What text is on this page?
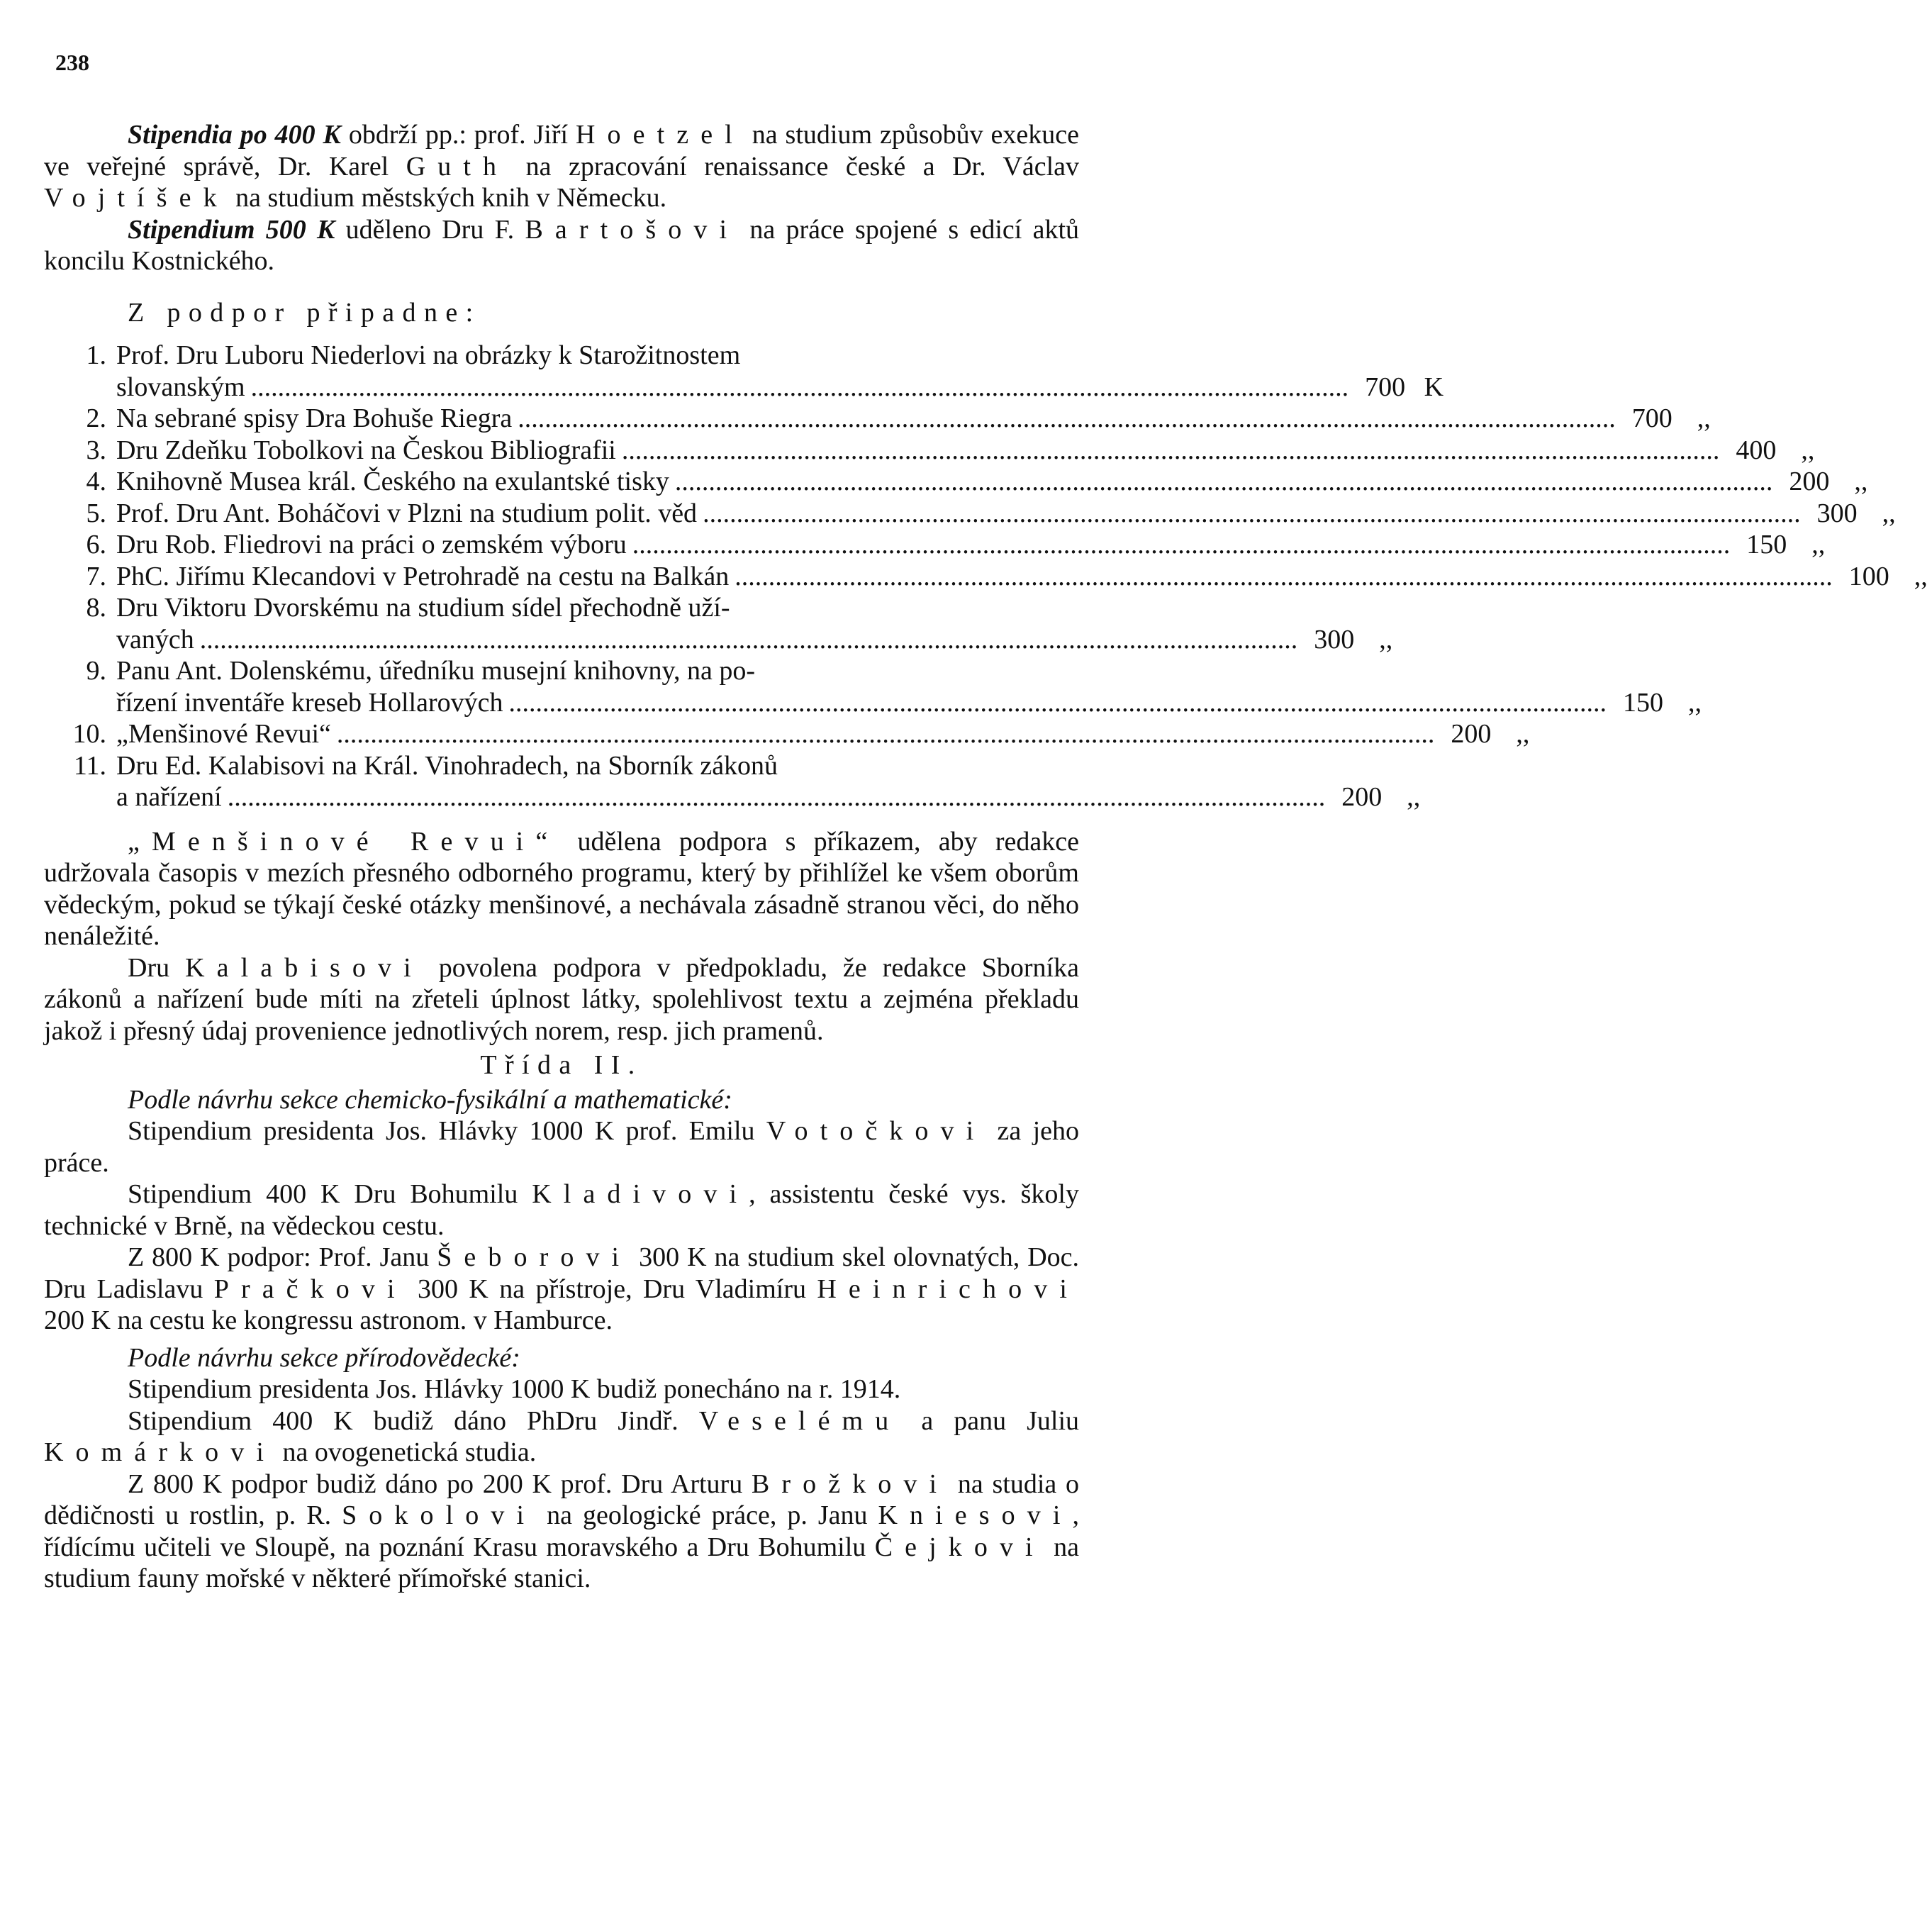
238

Stipendia po 400 K obdrží pp.: prof. Jiří Hoetzel na studium způsobův exekuce ve veřejné správě, Dr. Karel Guth na zpracování renaissance české a Dr. Václav Vojtíšek na studium městských knih v Německu.

Stipendium 500 K uděleno Dru F. Bartošovi na práce spojené s edicí aktů koncilu Kostnického.

Z podpor připadne:
1. Prof. Dru Luboru Niederlovi na obrázky k Starožitnostem
slovanským .....	700 K
2. Na sebrané spisy Dra Bohuše Riegra .....	700 ,,
3. Dru Zdeňku Tobolkovi na Českou Bibliografii .....	400 ,,
4. Knihovně Musea král. Českého na exulantské tisky .....	200 ,,
5. Prof. Dru Ant. Boháčovi v Plzni na studium polit. věd .....	300 ,,
6. Dru Rob. Fliedrovi na práci o zemském výboru .....	150 ,,
7. PhC. Jiřímu Klecandovi v Petrohradě na cestu na Balkán .....	100 ,,
8. Dru Viktoru Dvorskému na studium sídel přechodně uží-
vaných .....	300 ,,
9. Panu Ant. Dolenskému, úředníku musejní knihovny, na po-
řízení inventáře kreseb Hollarových .....	150 ,,
10. „Menšinové Revui“ .....	200 ,,
11. Dru Ed. Kalabisovi na Král. Vinohradech, na Sborník zákonů
a nařízení .....	200 ,,

„Menšinové Revui“ udělena podpora s příkazem, aby redakce udržovala časopis v mezích přesného odborného programu, který by přihlížel ke všem oborům vědeckým, pokud se týkají české otázky menšinové, a nechávala zásadně stranou věci, do něho nenáležité.

Dru Kalabisovi povolena podpora v předpokladu, že redakce Sborníka zákonů a nařízení bude míti na zřeteli úplnost látky, spolehlivost textu a zejména překladu jakož i přesný údaj provenience jednotlivých norem, resp. jich pramenů.

Třída II.

Podle návrhu sekce chemicko-fysikální a mathematické:

Stipendium presidenta Jos. Hlávky 1000 K prof. Emilu Votočkovi za jeho práce.

Stipendium 400 K Dru Bohumilu Kladivovi, assistentu české vys. školy technické v Brně, na vědeckou cestu.

Z 800 K podpor: Prof. Janu Šeborovi 300 K na studium skel olovnatých, Doc. Dru Ladislavu Pračkovi 300 K na přístroje, Dru Vladimíru Heinrichovi 200 K na cestu ke kongressu astronom. v Hamburce.

Podle návrhu sekce přírodovědecké:

Stipendium presidenta Jos. Hlávky 1000 K budiž ponecháno na r. 1914.

Stipendium 400 K budiž dáno PhDru Jindř. Veselému a panu Juliu Komárkovi na ovogenetická studia.

Z 800 K podpor budiž dáno po 200 K prof. Dru Arturu Brožkovi na studia o dědičnosti u rostlin, p. R. Sokolovi na geologické práce, p. Janu Kniesovi, řídícímu učiteli ve Sloupě, na poznání Krasu moravského a Dru Bohumilu Čejkovi na studium fauny mořské v některé přímořské stanici.
